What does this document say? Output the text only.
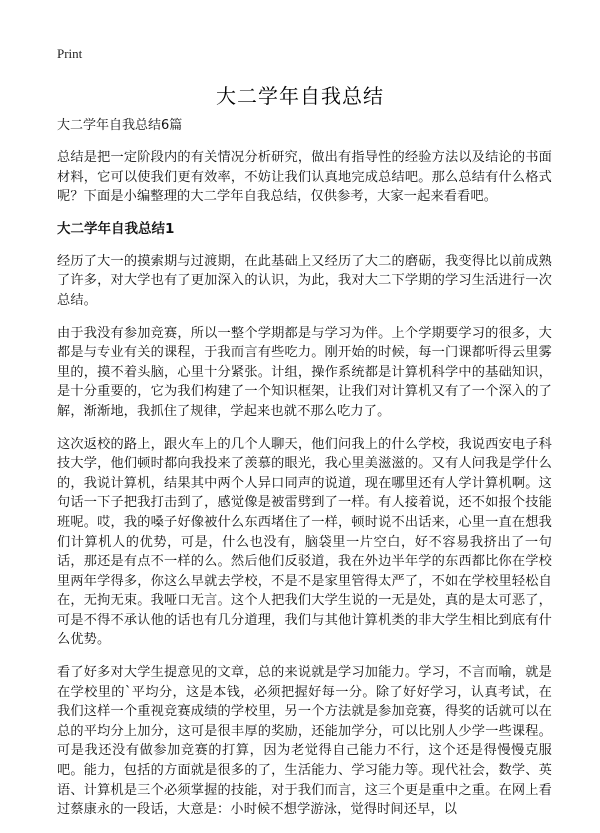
Print
大二学年自我总结
大二学年自我总结6篇

总结是把一定阶段内的有关情况分析研究，做出有指导性的经验方法以及结论的书面材料，它可以使我们更有效率，不妨让我们认真地完成总结吧。那么总结有什么格式呢？下面是小编整理的大二学年自我总结，仅供参考，大家一起来看看吧。

大二学年自我总结1

经历了大一的摸索期与过渡期，在此基础上又经历了大二的磨砺，我变得比以前成熟了许多，对大学也有了更加深入的认识，为此，我对大二下学期的学习生活进行一次总结。

由于我没有参加竞赛，所以一整个学期都是与学习为伴。上个学期要学习的很多，大都是与专业有关的课程，于我而言有些吃力。刚开始的时候，每一门课都听得云里雾里的，摸不着头脑，心里十分紧张。计组，操作系统都是计算机科学中的基础知识，是十分重要的，它为我们构建了一个知识框架，让我们对计算机又有了一个深入的了解，渐渐地，我抓住了规律，学起来也就不那么吃力了。

这次返校的路上，跟火车上的几个人聊天，他们问我上的什么学校，我说西安电子科技大学，他们顿时都向我投来了羡慕的眼光，我心里美滋滋的。又有人问我是学什么的，我说计算机，结果其中两个人异口同声的说道，现在哪里还有人学计算机啊。这句话一下子把我打击到了，感觉像是被雷劈到了一样。有人接着说，还不如报个技能班呢。哎，我的嗓子好像被什么东西堵住了一样，顿时说不出话来，心里一直在想我们计算机人的优势，可是，什么也没有，脑袋里一片空白，好不容易我挤出了一句话，那还是有点不一样的么。然后他们反驳道，我在外边半年学的东西都比你在学校里两年学得多，你这么早就去学校，不是不是家里管得太严了，不如在学校里轻松自在，无拘无束。我哑口无言。这个人把我们大学生说的一无是处，真的是太可恶了，可是不得不承认他的话也有几分道理，我们与其他计算机类的非大学生相比到底有什么优势。

看了好多对大学生提意见的文章，总的来说就是学习加能力。学习，不言而喻，就是在学校里的`平均分，这是本钱，必须把握好每一分。除了好好学习，认真考试，在我们这样一个重视竞赛成绩的学校里，另一个方法就是参加竞赛，得奖的话就可以在总的平均分上加分，这可是很丰厚的奖励，还能加学分，可以比别人少学一些课程。可是我还没有做参加竞赛的打算，因为老觉得自己能力不行，这个还是得慢慢克服吧。能力，包括的方面就是很多的了，生活能力、学习能力等。现代社会，数学、英语、计算机是三个必须掌握的技能，对于我们而言，这三个更是重中之重。在网上看过蔡康永的一段话，大意是：小时候不想学游泳，觉得时间还早，以
